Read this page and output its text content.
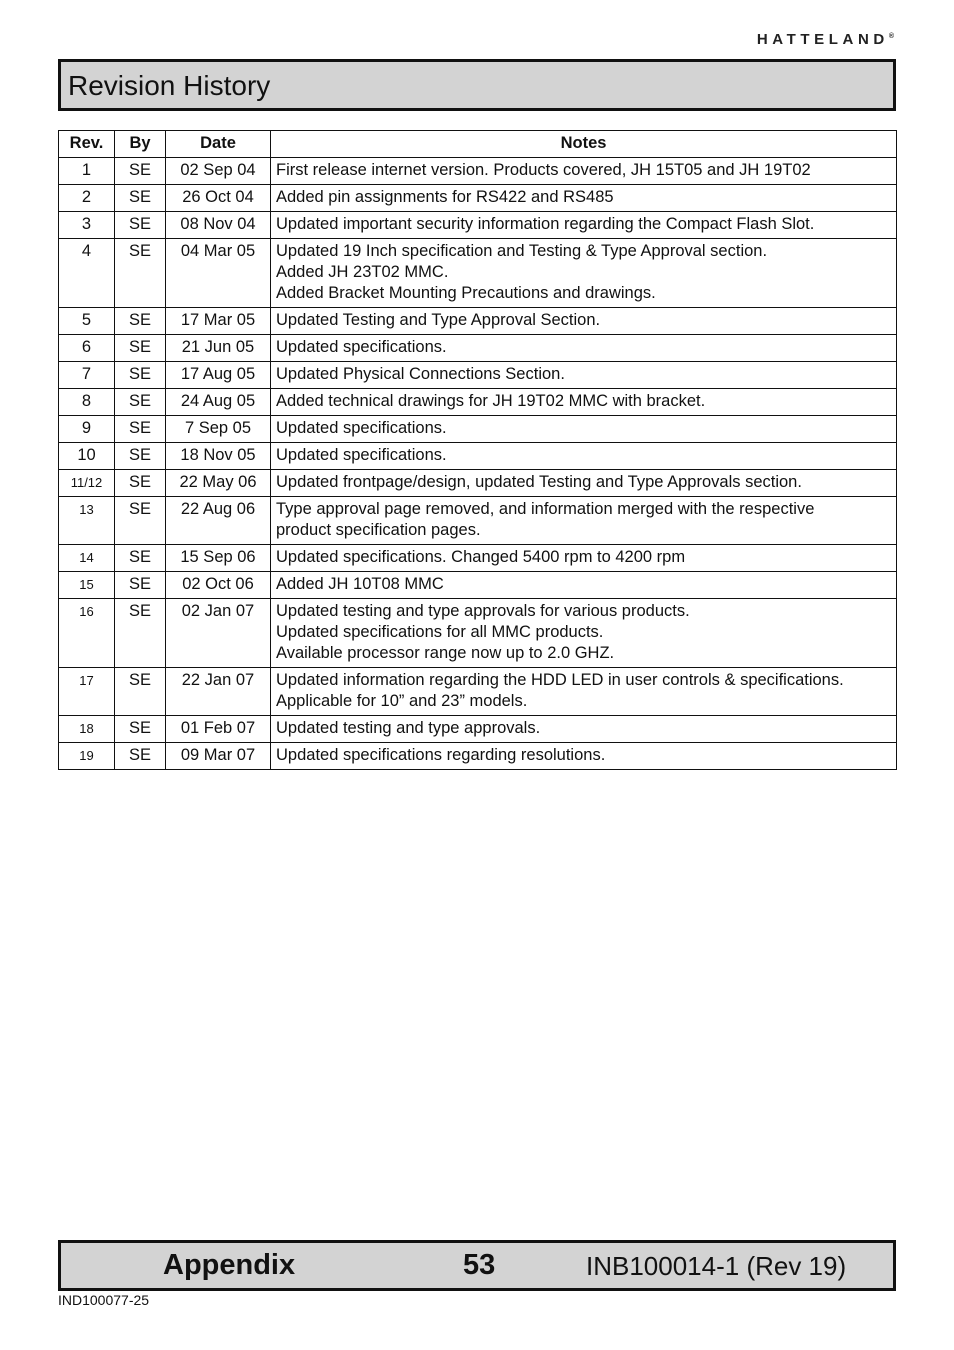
HATTELAND®
Revision History
Rev.	By	Date	Notes
1	SE	02 Sep 04	First release internet version. Products covered, JH 15T05 and JH 19T02

2	SE	26 Oct 04	Added pin assignments for RS422 and RS485

3	SE	08 Nov 04	Updated important security information regarding the Compact Flash Slot.

4	SE	04 Mar 05	Updated 19 Inch specification and Testing & Type Approval section.
Added JH 23T02 MMC.
Added Bracket Mounting Precautions and drawings.

5	SE	17 Mar 05	Updated Testing and Type Approval Section.

6	SE	21 Jun 05	Updated specifications.

7	SE	17 Aug 05	Updated Physical Connections Section.

8	SE	24 Aug 05	Added technical drawings for JH 19T02 MMC with bracket.

9	SE	7 Sep 05	Updated specifications.

10	SE	18 Nov 05	Updated specifications.

11/12	SE	22 May 06	Updated frontpage/design, updated Testing and Type Approvals section.

13	SE	22 Aug 06	Type approval page removed, and information merged with the respective
product specification pages.

14	SE	15 Sep 06	Updated specifications. Changed 5400 rpm to 4200 rpm

15	SE	02 Oct 06	Added JH 10T08 MMC

16	SE	02 Jan 07	Updated testing and type approvals for various products.
Updated specifications for all MMC products.
Available processor range now up to 2.0 GHZ.

17	SE	22 Jan 07	Updated information regarding the HDD LED in user controls & specifications.
Applicable for 10” and 23” models.

18	SE	01 Feb 07	Updated testing and type approvals.

19	SE	09 Mar 07	Updated specifications regarding resolutions.
Appendix	53	INB100014-1 (Rev 19)
IND100077-25
